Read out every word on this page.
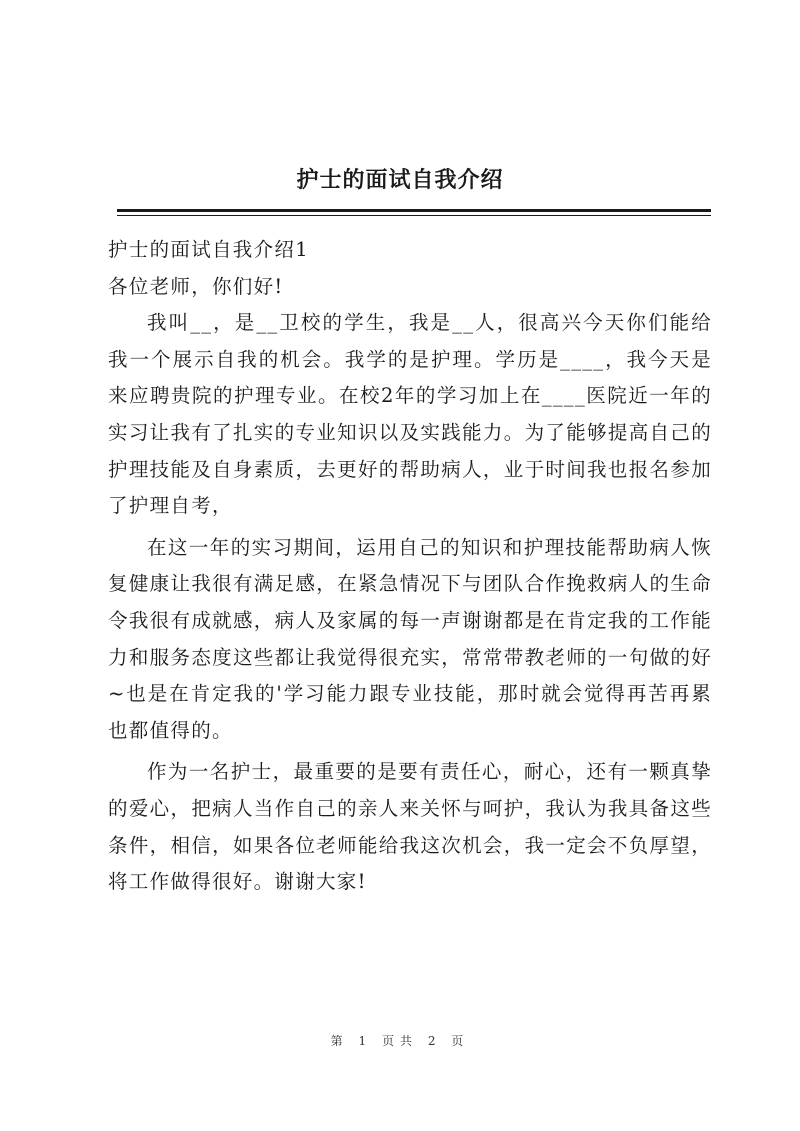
护士的面试自我介绍

护士的面试自我介绍1

各位老师，你们好!

我叫__，是__卫校的学生，我是__人，很高兴今天你们能给我一个展示自我的机会。我学的是护理。学历是____，我今天是来应聘贵院的护理专业。在校2年的学习加上在____医院近一年的实习让我有了扎实的专业知识以及实践能力。为了能够提高自己的护理技能及自身素质，去更好的帮助病人，业于时间我也报名参加了护理自考，

在这一年的实习期间，运用自己的知识和护理技能帮助病人恢复健康让我很有满足感，在紧急情况下与团队合作挽救病人的生命令我很有成就感，病人及家属的每一声谢谢都是在肯定我的工作能力和服务态度这些都让我觉得很充实，常常带教老师的一句做的好~也是在肯定我的'学习能力跟专业技能，那时就会觉得再苦再累也都值得的。

作为一名护士，最重要的是要有责任心，耐心，还有一颗真挚的爱心，把病人当作自己的亲人来关怀与呵护，我认为我具备这些条件，相信，如果各位老师能给我这次机会，我一定会不负厚望，将工作做得很好。谢谢大家!

第 1 页共 2 页
